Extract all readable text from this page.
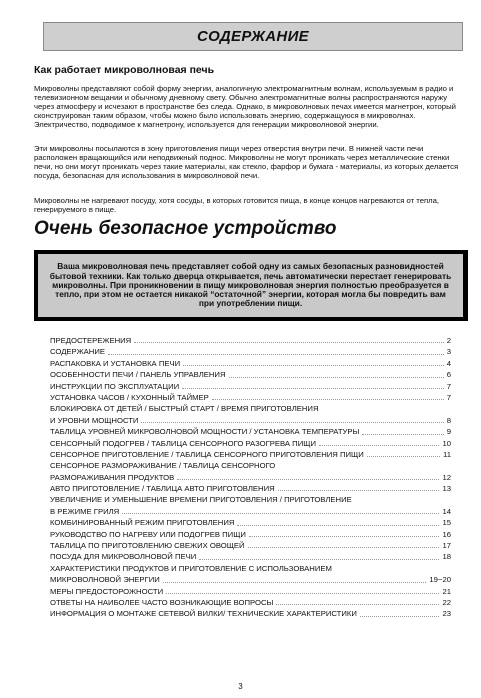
СОДЕРЖАНИЕ
Как работает микроволновая печь
Микроволны представляют собой форму энергии, аналогичную электромагнитным волнам, используемым в радио и телевизионном вещании и обычному дневному свету. Обычно электромагнитные волны распространяются наружу через атмосферу и исчезают в пространстве без следа. Однако, в микроволновых печах имеется магнетрон, который сконструирован таким образом, чтобы можно было использовать энергию, содержащуюся в микроволнах. Электричество, подводимое к магнетрону, используется для генерации микроволновой энергии.
Эти микроволны посылаются в зону приготовления пищи через отверстия внутри печи. В нижней части печи расположен вращающийся или неподвижный поднос. Микроволны не могут проникать через металлические стенки печи, но они могут проникать через такие материалы, как стекло, фарфор и бумага - материалы, из которых делается посуда, безопасная для использования в микроволновой печи.
Микроволны не нагревают посуду, хотя сосуды, в которых готовится пища, в конце концов нагреваются от тепла, генерируемого в пище.
Очень безопасное устройство
Ваша микроволновая печь представляет собой одну из самых безопасных разновидностей бытовой техники. Как только дверца открывается, печь автоматически перестает генерировать микроволны. При проникновении в пищу микроволновая энергия полностью преобразуется в тепло, при этом не остается никакой “остаточной” энергии, которая могла бы повредить вам при употреблении пищи.
ПРЕДОСТЕРЕЖЕНИЯ	2
СОДЕРЖАНИЕ	3
РАСПАКОВКА И УСТАНОВКА ПЕЧИ	4
ОСОБЕННОСТИ ПЕЧИ / ПАНЕЛЬ УПРАВЛЕНИЯ	6
ИНСТРУКЦИИ ПО ЭКСПЛУАТАЦИИ	7
УСТАНОВКА ЧАСОВ / КУХОННЫЙ ТАЙМЕР	7
БЛОКИРОВКА ОТ ДЕТЕЙ / БЫСТРЫЙ СТАРТ / ВРЕМЯ ПРИГОТОВЛЕНИЯ
И УРОВНИ МОЩНОСТИ	8
ТАБЛИЦА УРОВНЕЙ МИКРОВОЛНОВОЙ МОЩНОСТИ / УСТАНОВКА ТЕМПЕРАТУРЫ	9
СЕНСОРНЫЙ ПОДОГРЕВ / ТАБЛИЦА СЕНСОРНОГО РАЗОГРЕВА ПИЩИ	10
СЕНСОРНОЕ ПРИГОТОВЛЕНИЕ / ТАБЛИЦА СЕНСОРНОГО ПРИГОТОВЛЕНИЯ ПИЩИ	11
СЕНСОРНОЕ РАЗМОРАЖИВАНИЕ / ТАБЛИЦА СЕНСОРНОГО
РАЗМОРАЖИВАНИЯ ПРОДУКТОВ	12
АВТО ПРИГОТОВЛЕНИЕ / ТАБЛИЦА АВТО ПРИГОТОВЛЕНИЯ	13
УВЕЛИЧЕНИЕ И УМЕНЬШЕНИЕ ВРЕМЕНИ ПРИГОТОВЛЕНИЯ / ПРИГОТОВЛЕНИЕ
В РЕЖИМЕ ГРИЛЯ	14
КОМБИНИРОВАННЫЙ РЕЖИМ ПРИГОТОВЛЕНИЯ	15
РУКОВОДСТВО ПО НАГРЕВУ ИЛИ ПОДОГРЕВ ПИЩИ	16
ТАБЛИЦА ПО ПРИГОТОВЛЕНИЮ СВЕЖИХ ОВОЩЕЙ	17
ПОСУДА ДЛЯ МИКРОВОЛНОВОЙ ПЕЧИ	18
ХАРАКТЕРИСТИКИ ПРОДУКТОВ И ПРИГОТОВЛЕНИЕ С ИСПОЛЬЗОВАНИЕМ
МИКРОВОЛНОВОЙ ЭНЕРГИИ	19~20
МЕРЫ ПРЕДОСТОРОЖНОСТИ	21
ОТВЕТЫ НА НАИБОЛЕЕ ЧАСТО ВОЗНИКАЮЩИЕ ВОПРОСЫ	22
ИНФОРМАЦИЯ О МОНТАЖЕ СЕТЕВОЙ ВИЛКИ/ ТЕХНИЧЕСКИЕ ХАРАКТЕРИСТИКИ	23
3
